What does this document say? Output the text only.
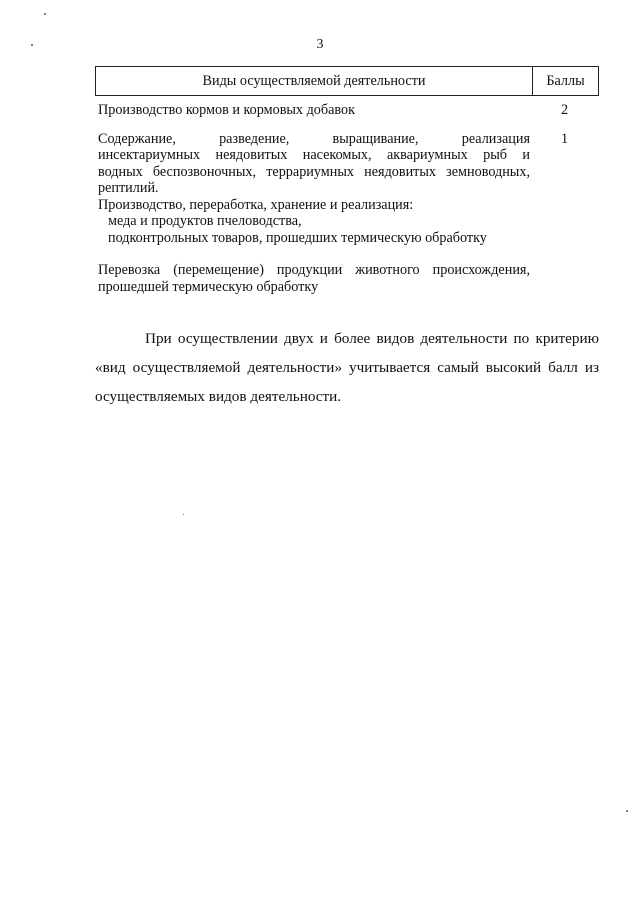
3
Виды осуществляемой деятельности	Баллы
Производство кормов и кормовых добавок	2
Содержание, разведение, выращивание, реализация
инсектариумных неядовитых насекомых, аквариумных рыб и
водных беспозвоночных, террариумных неядовитых земноводных,
рептилий.
1
Производство, переработка, хранение и реализация:
меда и продуктов пчеловодства,
подконтрольных товаров, прошедших термическую обработку
Перевозка (перемещение) продукции животного происхождения,
прошедшей термическую обработку
При осуществлении двух и более видов деятельности по критерию
«вид осуществляемой деятельности» учитывается самый высокий балл из
осуществляемых видов деятельности.
